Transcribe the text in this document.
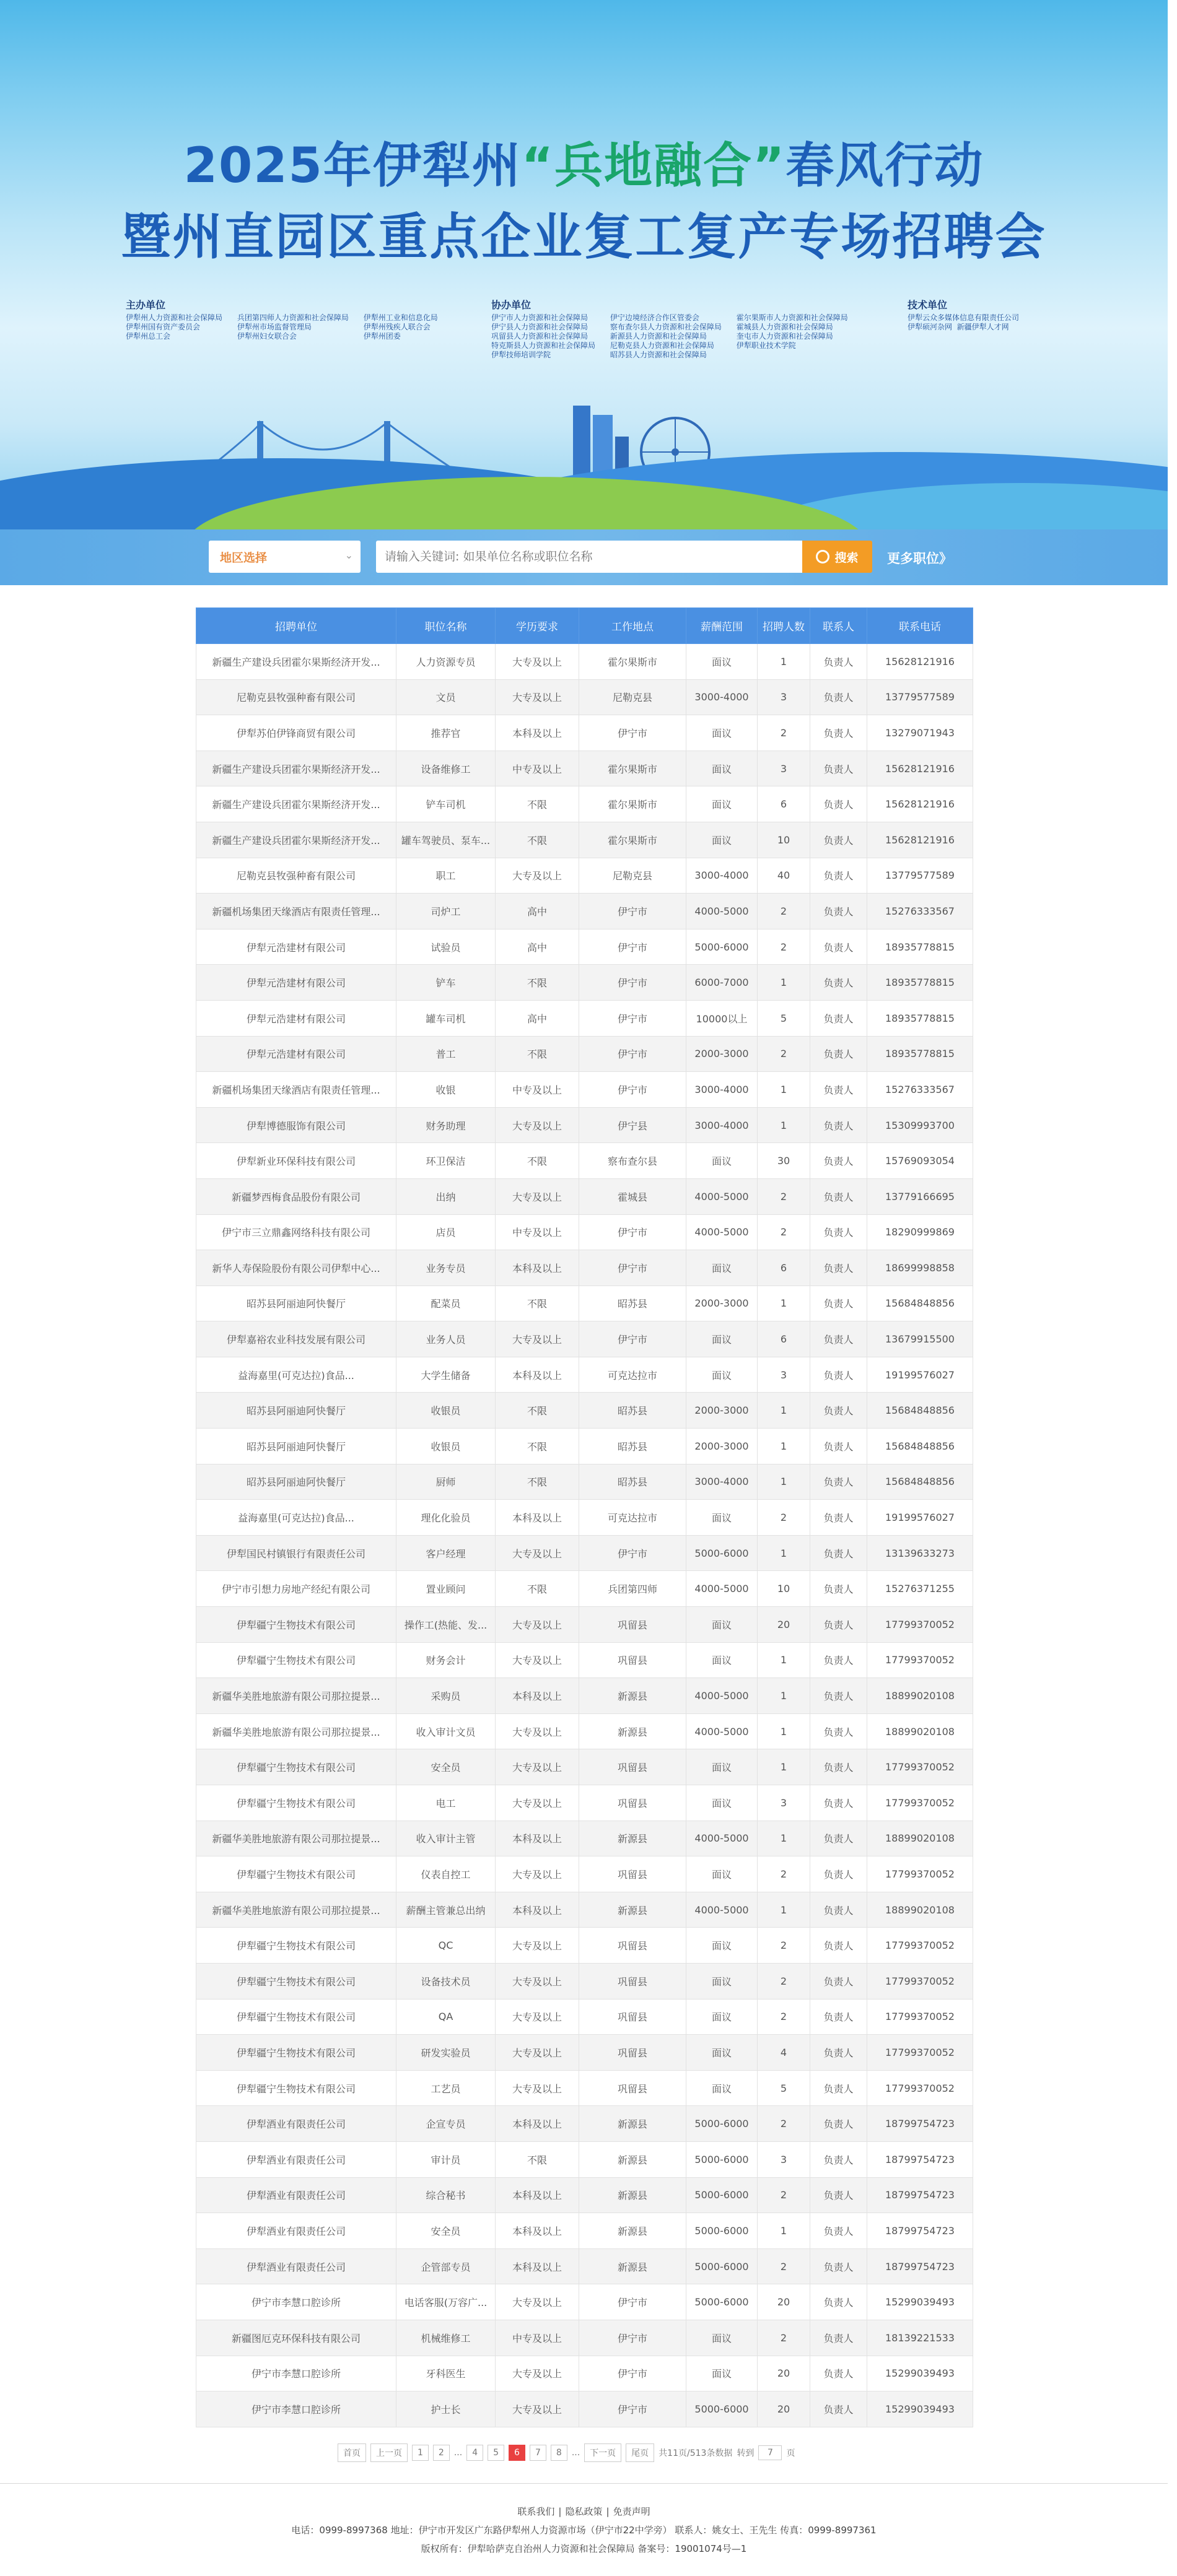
2025年伊犁州“兵地融合”春风行动
暨州直园区重点企业复工复产专场招聘会
主办单位
伊犁州人力资源和社会保障局
伊犁州国有资产委员会
伊犁州总工会

兵团第四师人力资源和社会保障局
伊犁州市场监督管理局
伊犁州妇女联合会

伊犁州工业和信息化局
伊犁州残疾人联合会
伊犁州团委
协办单位
伊宁市人力资源和社会保障局
伊宁县人力资源和社会保障局
巩留县人力资源和社会保障局
特克斯县人力资源和社会保障局
伊犁技师培训学院

伊宁边境经济合作区管委会
察布查尔县人力资源和社会保障局
新源县人力资源和社会保障局
尼勒克县人力资源和社会保障局
昭苏县人力资源和社会保障局

霍尔果斯市人力资源和社会保障局
霍城县人力资源和社会保障局
奎屯市人力资源和社会保障局
伊犁职业技术学院
技术单位
伊犁云众多媒体信息有限责任公司
伊犁硕河杂网 新疆伊犁人才网
地区选择	⌄
请输入关键词: 如果单位名称或职位名称	搜索 更多职位》
招聘单位	职位名称	学历要求	工作地点	薪酬范围	招聘人数	联系人	联系电话
新疆生产建设兵团霍尔果斯经济开发...	人力资源专员	大专及以上	霍尔果斯市	面议	1	负责人	15628121916
尼勒克县牧强种畜有限公司	文员	大专及以上	尼勒克县	3000-4000	3	负责人	13779577589
伊犁苏伯伊锋商贸有限公司	推荐官	本科及以上	伊宁市	面议	2	负责人	13279071943
新疆生产建设兵团霍尔果斯经济开发...	设备维修工	中专及以上	霍尔果斯市	面议	3	负责人	15628121916
新疆生产建设兵团霍尔果斯经济开发...	铲车司机	不限	霍尔果斯市	面议	6	负责人	15628121916
新疆生产建设兵团霍尔果斯经济开发...	罐车驾驶员、泵车...	不限	霍尔果斯市	面议	10	负责人	15628121916
尼勒克县牧强种畜有限公司	职工	大专及以上	尼勒克县	3000-4000	40	负责人	13779577589
新疆机场集团天缘酒店有限责任管理...	司炉工	高中	伊宁市	4000-5000	2	负责人	15276333567
伊犁元浩建材有限公司	试验员	高中	伊宁市	5000-6000	2	负责人	18935778815
伊犁元浩建材有限公司	铲车	不限	伊宁市	6000-7000	1	负责人	18935778815
伊犁元浩建材有限公司	罐车司机	高中	伊宁市	10000以上	5	负责人	18935778815
伊犁元浩建材有限公司	普工	不限	伊宁市	2000-3000	2	负责人	18935778815
新疆机场集团天缘酒店有限责任管理...	收银	中专及以上	伊宁市	3000-4000	1	负责人	15276333567
伊犁博德服饰有限公司	财务助理	大专及以上	伊宁县	3000-4000	1	负责人	15309993700
伊犁新业环保科技有限公司	环卫保洁	不限	察布查尔县	面议	30	负责人	15769093054
新疆梦西梅食品股份有限公司	出纳	大专及以上	霍城县	4000-5000	2	负责人	13779166695
伊宁市三立鼎鑫网络科技有限公司	店员	中专及以上	伊宁市	4000-5000	2	负责人	18290999869
新华人寿保险股份有限公司伊犁中心...	业务专员	本科及以上	伊宁市	面议	6	负责人	18699998858
昭苏县阿丽迪阿快餐厅	配菜员	不限	昭苏县	2000-3000	1	负责人	15684848856
伊犁嘉裕农业科技发展有限公司	业务人员	大专及以上	伊宁市	面议	6	负责人	13679915500
益海嘉里(可克达拉)食品...	大学生储备	本科及以上	可克达拉市	面议	3	负责人	19199576027
昭苏县阿丽迪阿快餐厅	收银员	不限	昭苏县	2000-3000	1	负责人	15684848856
昭苏县阿丽迪阿快餐厅	收银员	不限	昭苏县	2000-3000	1	负责人	15684848856
昭苏县阿丽迪阿快餐厅	厨师	不限	昭苏县	3000-4000	1	负责人	15684848856
益海嘉里(可克达拉)食品...	理化化验员	本科及以上	可克达拉市	面议	2	负责人	19199576027
伊犁国民村镇银行有限责任公司	客户经理	大专及以上	伊宁市	5000-6000	1	负责人	13139633273
伊宁市引想力房地产经纪有限公司	置业顾问	不限	兵团第四师	4000-5000	10	负责人	15276371255
伊犁疆宁生物技术有限公司	操作工(热能、发...	大专及以上	巩留县	面议	20	负责人	17799370052
伊犁疆宁生物技术有限公司	财务会计	大专及以上	巩留县	面议	1	负责人	17799370052
新疆华美胜地旅游有限公司那拉提景...	采购员	本科及以上	新源县	4000-5000	1	负责人	18899020108
新疆华美胜地旅游有限公司那拉提景...	收入审计文员	大专及以上	新源县	4000-5000	1	负责人	18899020108
伊犁疆宁生物技术有限公司	安全员	大专及以上	巩留县	面议	1	负责人	17799370052
伊犁疆宁生物技术有限公司	电工	大专及以上	巩留县	面议	3	负责人	17799370052
新疆华美胜地旅游有限公司那拉提景...	收入审计主管	本科及以上	新源县	4000-5000	1	负责人	18899020108
伊犁疆宁生物技术有限公司	仪表自控工	大专及以上	巩留县	面议	2	负责人	17799370052
新疆华美胜地旅游有限公司那拉提景...	薪酬主管兼总出纳	本科及以上	新源县	4000-5000	1	负责人	18899020108
伊犁疆宁生物技术有限公司	QC	大专及以上	巩留县	面议	2	负责人	17799370052
伊犁疆宁生物技术有限公司	设备技术员	大专及以上	巩留县	面议	2	负责人	17799370052
伊犁疆宁生物技术有限公司	QA	大专及以上	巩留县	面议	2	负责人	17799370052
伊犁疆宁生物技术有限公司	研发实验员	大专及以上	巩留县	面议	4	负责人	17799370052
伊犁疆宁生物技术有限公司	工艺员	大专及以上	巩留县	面议	5	负责人	17799370052
伊犁酒业有限责任公司	企宣专员	本科及以上	新源县	5000-6000	2	负责人	18799754723
伊犁酒业有限责任公司	审计员	不限	新源县	5000-6000	3	负责人	18799754723
伊犁酒业有限责任公司	综合秘书	本科及以上	新源县	5000-6000	2	负责人	18799754723
伊犁酒业有限责任公司	安全员	本科及以上	新源县	5000-6000	1	负责人	18799754723
伊犁酒业有限责任公司	企管部专员	本科及以上	新源县	5000-6000	2	负责人	18799754723
伊宁市李慧口腔诊所	电话客服(万容广...	大专及以上	伊宁市	5000-6000	20	负责人	15299039493
新疆图厄克环保科技有限公司	机械维修工	中专及以上	伊宁市	面议	2	负责人	18139221533
伊宁市李慧口腔诊所	牙科医生	大专及以上	伊宁市	面议	20	负责人	15299039493
伊宁市李慧口腔诊所	护士长	大专及以上	伊宁市	5000-6000	20	负责人	15299039493
首页	上一页	1	2	...	4	5	6	7	8	...	下一页	尾页	共11页/513条数据 转到
7	页
联系我们 | 隐私政策 | 免责声明
电话：0999-8997368 地址：伊宁市开发区广东路伊犁州人力资源市场（伊宁市22中学旁） 联系人：姚女士、王先生 传真：0999-8997361
版权所有：伊犁哈萨克自治州人力资源和社会保障局 备案号：19001074号—1
